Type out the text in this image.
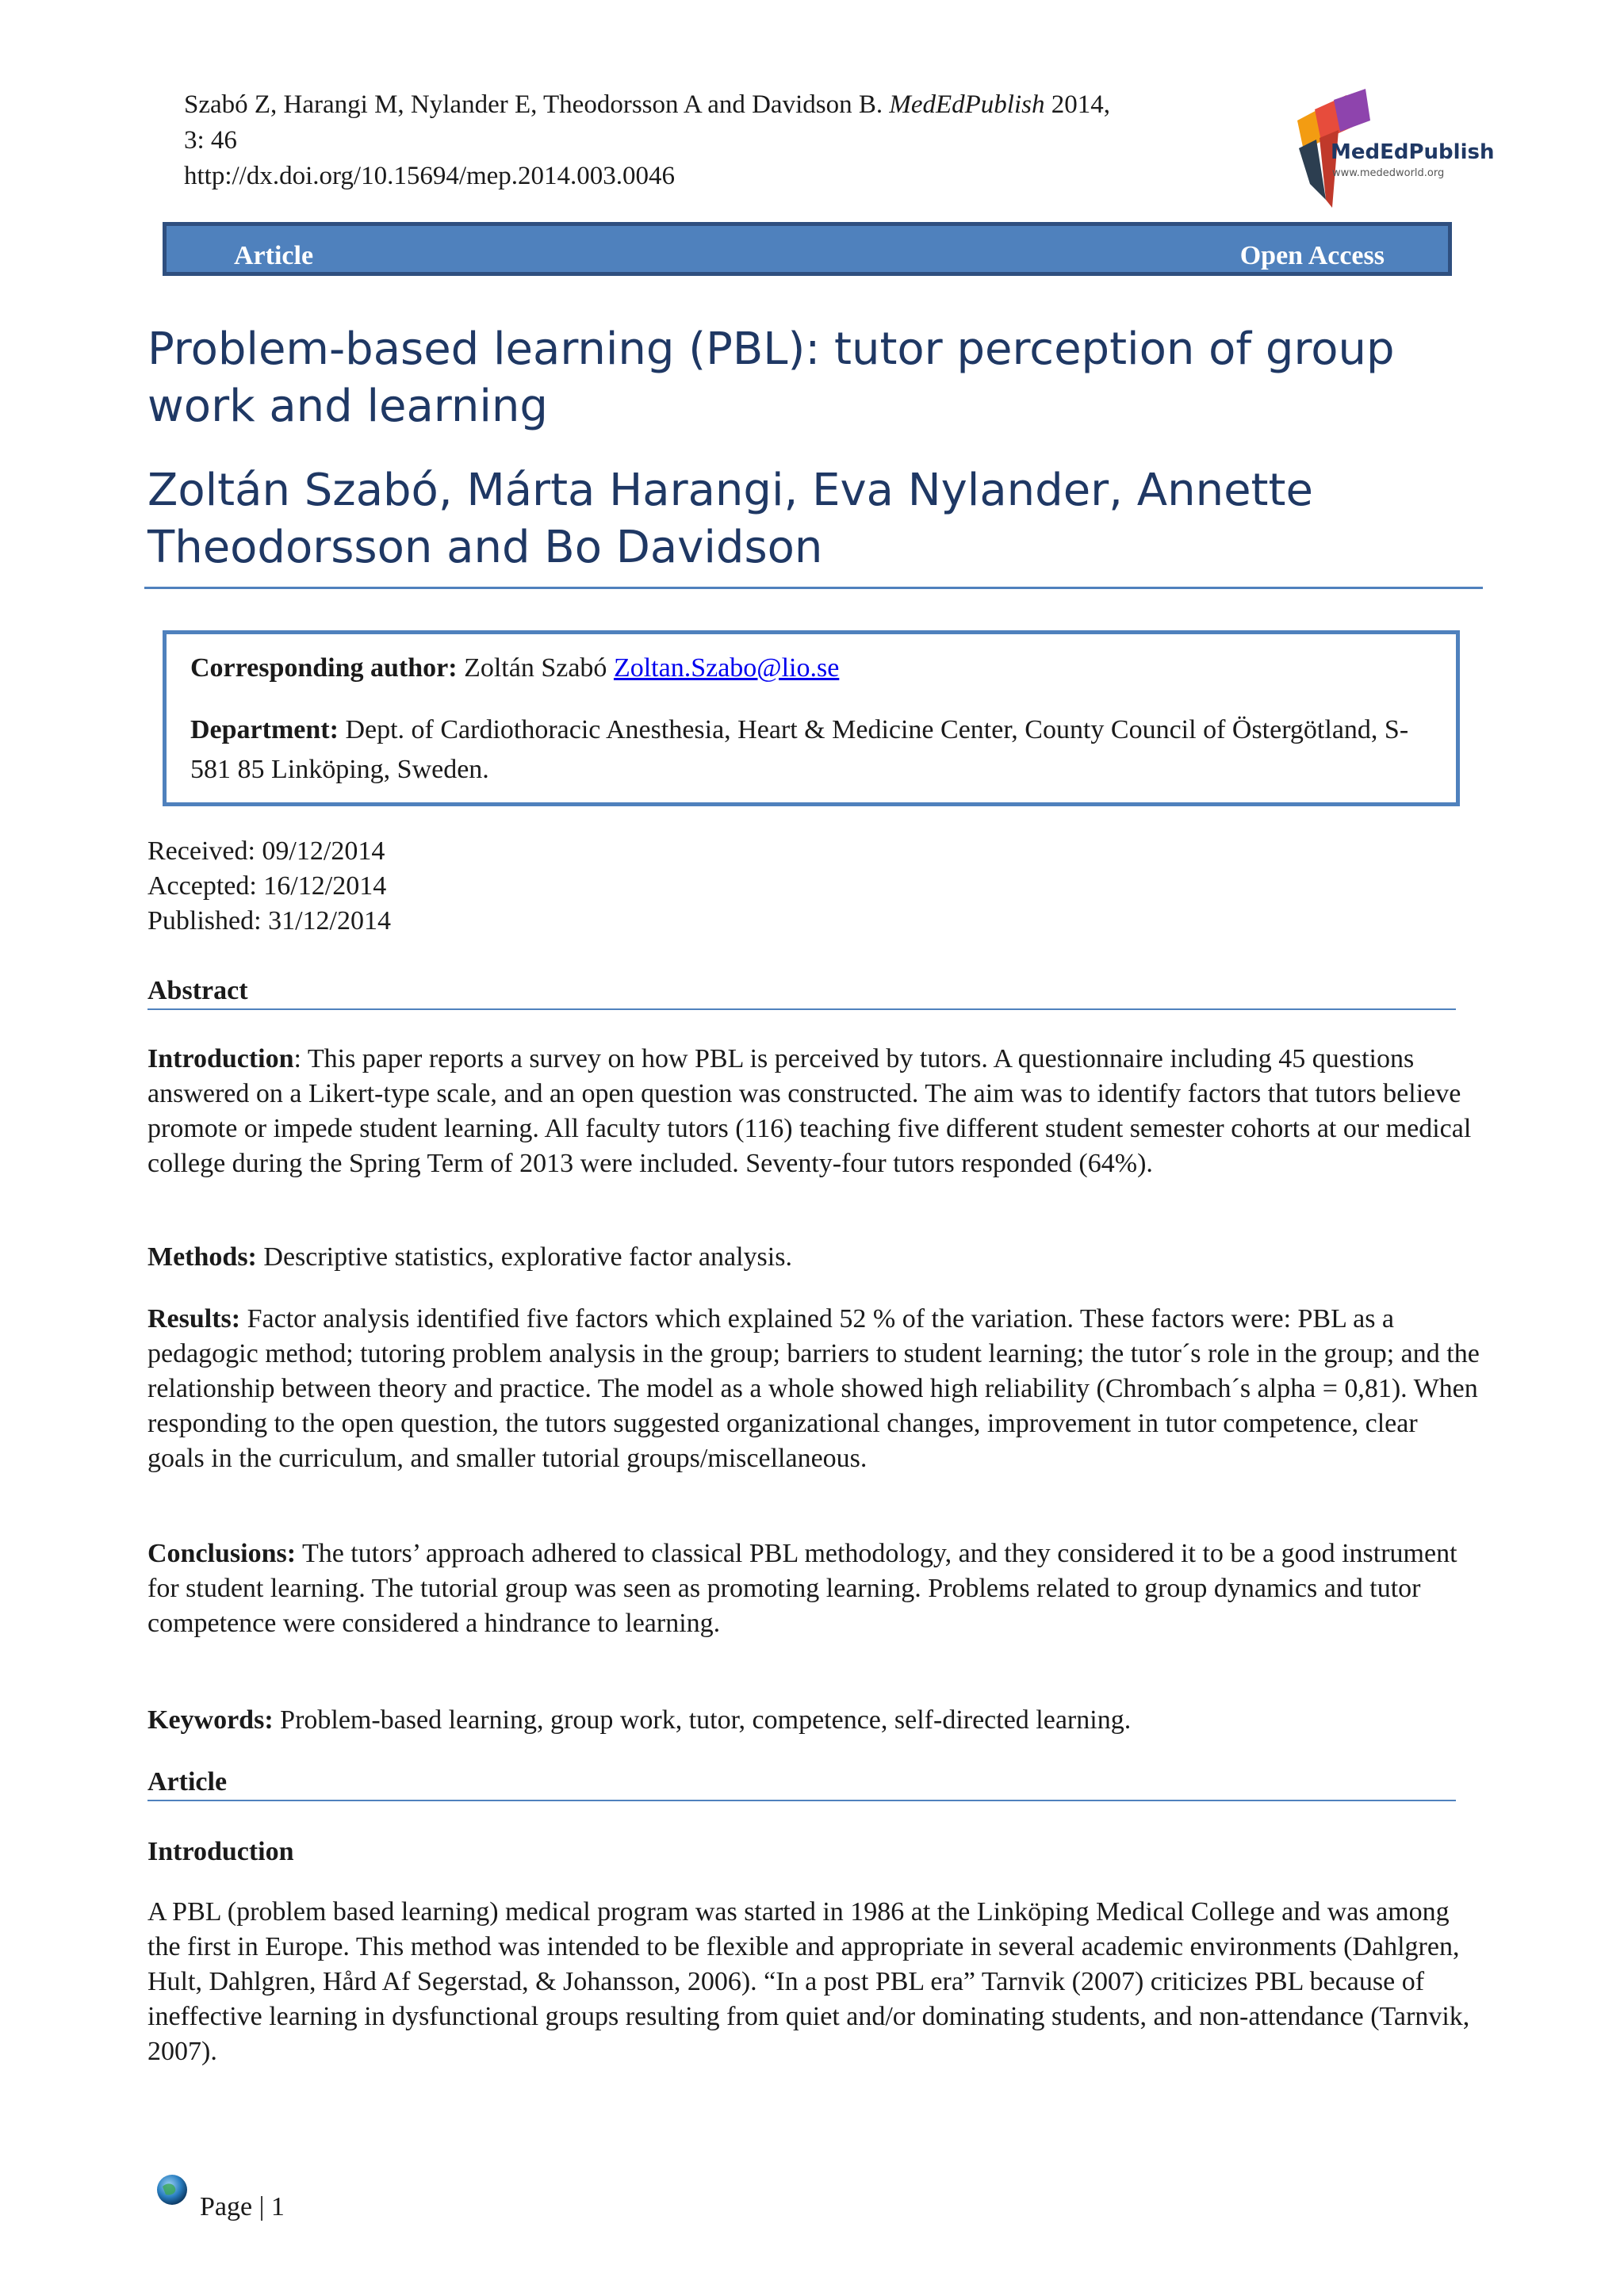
Szabó Z, Harangi M, Nylander E, Theodorsson A and Davidson B. MedEdPublish 2014,
3: 46
http://dx.doi.org/10.15694/mep.2014.003.0046
MedEdPublish
www.mededworld.org
Article	Open Access
Problem-based learning (PBL): tutor perception of group work and learning
Zoltán Szabó, Márta Harangi, Eva Nylander, Annette Theodorsson and Bo Davidson
Corresponding author: Zoltán Szabó Zoltan.Szabo@lio.se
Department: Dept. of Cardiothoracic Anesthesia, Heart & Medicine Center, County Council of Östergötland, S-581 85 Linköping, Sweden.
Received: 09/12/2014
Accepted: 16/12/2014
Published: 31/12/2014
Abstract

Introduction: This paper reports a survey on how PBL is perceived by tutors. A questionnaire including 45 questions answered on a Likert-type scale, and an open question was constructed. The aim was to identify factors that tutors believe promote or impede student learning. All faculty tutors (116) teaching five different student semester cohorts at our medical college during the Spring Term of 2013 were included. Seventy-four tutors responded (64%).

Methods: Descriptive statistics, explorative factor analysis.

Results: Factor analysis identified five factors which explained 52 % of the variation. These factors were: PBL as a pedagogic method; tutoring problem analysis in the group; barriers to student learning; the tutor´s role in the group; and the relationship between theory and practice. The model as a whole showed high reliability (Chrombach´s alpha = 0,81). When responding to the open question, the tutors suggested organizational changes, improvement in tutor competence, clear goals in the curriculum, and smaller tutorial groups/miscellaneous.

Conclusions: The tutors’ approach adhered to classical PBL methodology, and they considered it to be a good instrument for student learning. The tutorial group was seen as promoting learning. Problems related to group dynamics and tutor competence were considered a hindrance to learning.

Keywords: Problem-based learning, group work, tutor, competence, self-directed learning.

Article
Introduction

A PBL (problem based learning) medical program was started in 1986 at the Linköping Medical College and was among the first in Europe. This method was intended to be flexible and appropriate in several academic environments (Dahlgren, Hult, Dahlgren, Hård Af Segerstad, & Johansson, 2006). “In a post PBL era” Tarnvik (2007) criticizes PBL because of ineffective learning in dysfunctional groups resulting from quiet and/or dominating students, and non-attendance (Tarnvik, 2007).

Page | 1
